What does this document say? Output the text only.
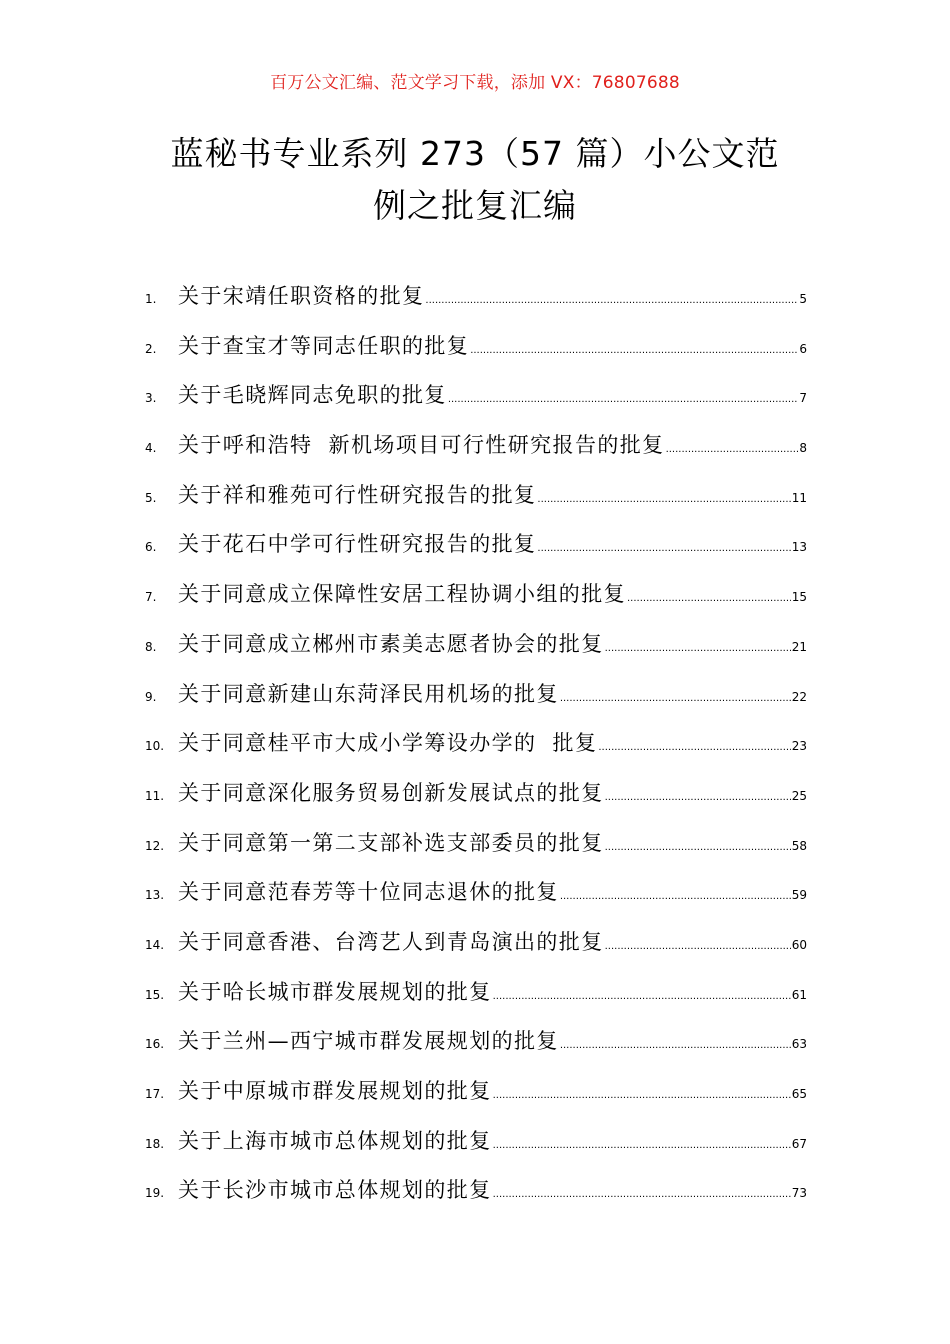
百万公文汇编、范文学习下载，添加 VX：76807688
蓝秘书专业系列 273（57 篇）小公文范
例之批复汇编
1.	关于宋靖任职资格的批复 .....	5
2.	关于查宝才等同志任职的批复 .....	6
3.	关于毛晓辉同志免职的批复 .....	7
4.	关于呼和浩特  新机场项目可行性研究报告的批复 .....	8
5.	关于祥和雅苑可行性研究报告的批复 .....	11
6.	关于花石中学可行性研究报告的批复 .....	13
7.	关于同意成立保障性安居工程协调小组的批复 .....	15
8.	关于同意成立郴州市素美志愿者协会的批复 .....	21
9.	关于同意新建山东菏泽民用机场的批复 .....	22
10. 关于同意桂平市大成小学筹设办学的  批复 .....	23
11. 关于同意深化服务贸易创新发展试点的批复 .....	25
12. 关于同意第一第二支部补选支部委员的批复 .....	58
13. 关于同意范春芳等十位同志退休的批复 .....	59
14. 关于同意香港、台湾艺人到青岛演出的批复 .....	60
15. 关于哈长城市群发展规划的批复 .....	61
16. 关于兰州—西宁城市群发展规划的批复 .....	63
17. 关于中原城市群发展规划的批复 .....	65
18. 关于上海市城市总体规划的批复 .....	67
19. 关于长沙市城市总体规划的批复 .....	73
